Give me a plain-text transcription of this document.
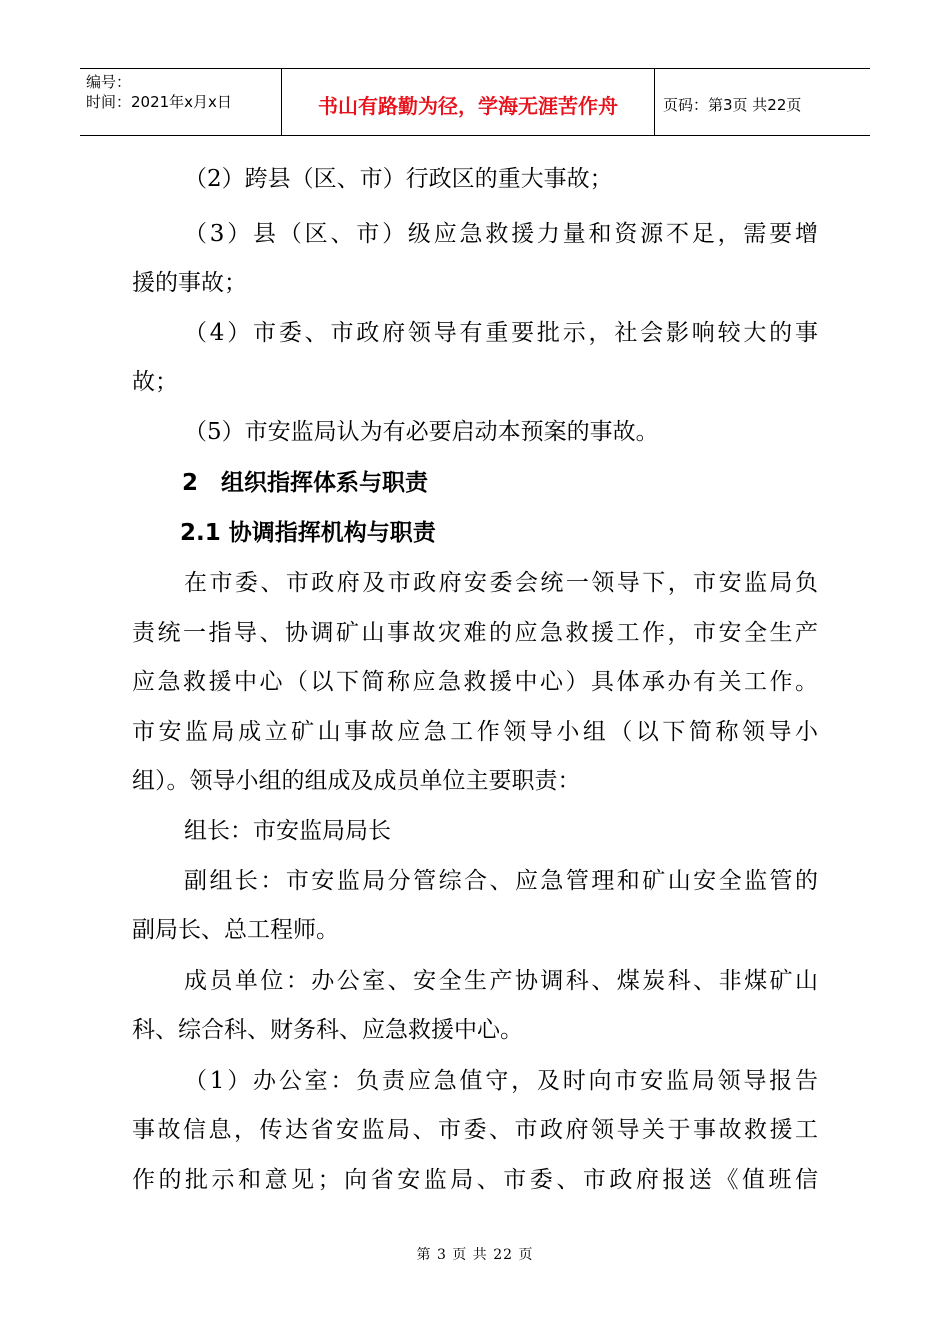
编号：
时间：2021年x月x日	书山有路勤为径，学海无涯苦作舟	页码：第3页 共22页
（2）跨县（区、市）行政区的重大事故；
（3）县（区、市）级应急救援力量和资源不足，需要增
援的事故；
（4）市委、市政府领导有重要批示，社会影响较大的事
故；
（5）市安监局认为有必要启动本预案的事故。
2　组织指挥体系与职责
2.1 协调指挥机构与职责
在市委、市政府及市政府安委会统一领导下，市安监局负
责统一指导、协调矿山事故灾难的应急救援工作，市安全生产
应急救援中心（以下简称应急救援中心）具体承办有关工作。
市安监局成立矿山事故应急工作领导小组（以下简称领导小
组）。领导小组的组成及成员单位主要职责：
组长：市安监局局长
副组长：市安监局分管综合、应急管理和矿山安全监管的
副局长、总工程师。
成员单位：办公室、安全生产协调科、煤炭科、非煤矿山
科、综合科、财务科、应急救援中心。
（1）办公室：负责应急值守，及时向市安监局领导报告
事故信息，传达省安监局、市委、市政府领导关于事故救援工
作的批示和意见；向省安监局、市委、市政府报送《值班信
第 3 页 共 22 页
